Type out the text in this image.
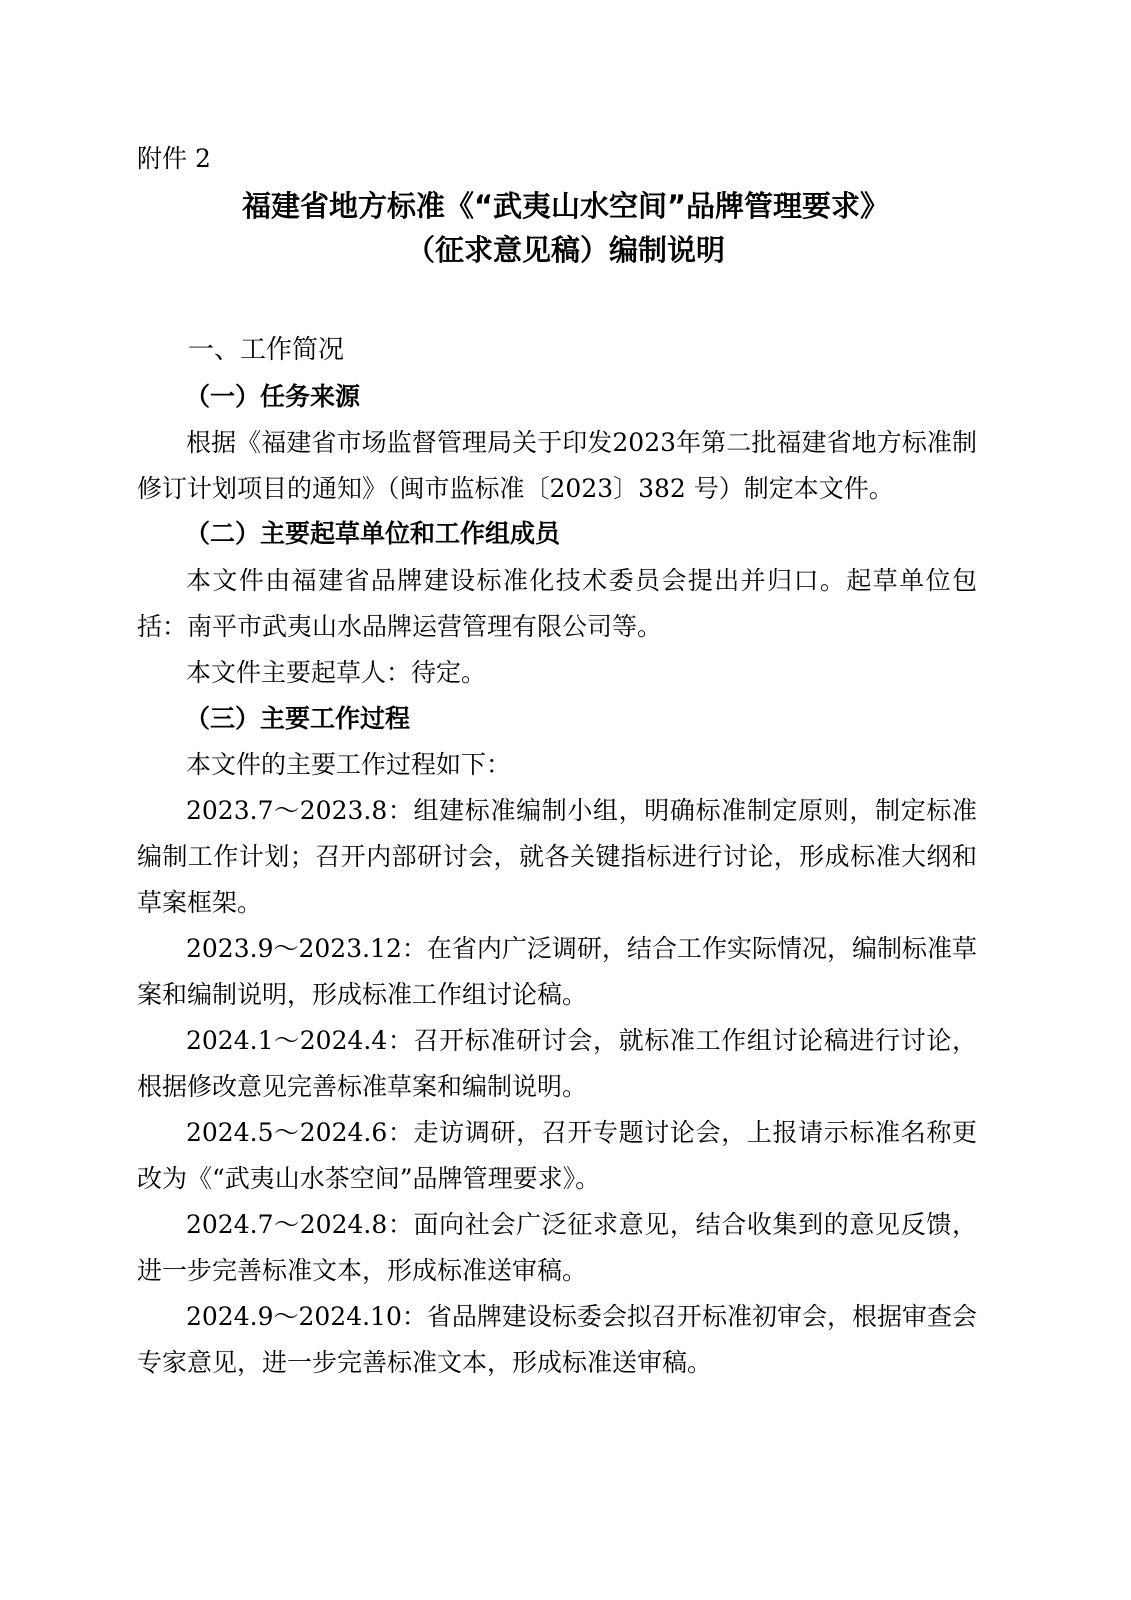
附件 2
福建省地方标准《“武夷山水空间”品牌管理要求》
（征求意见稿）编制说明
一、工作简况
（一）任务来源
根据《福建省市场监督管理局关于印发2023年第二批福建省地方标准制修订计划项目的通知》（闽市监标准〔2023〕382 号）制定本文件。
（二）主要起草单位和工作组成员
本文件由福建省品牌建设标准化技术委员会提出并归口。起草单位包括：南平市武夷山水品牌运营管理有限公司等。
本文件主要起草人：待定。
（三）主要工作过程
本文件的主要工作过程如下：
2023.7～2023.8：组建标准编制小组，明确标准制定原则，制定标准编制工作计划；召开内部研讨会，就各关键指标进行讨论，形成标准大纲和草案框架。
2023.9～2023.12：在省内广泛调研，结合工作实际情况，编制标准草案和编制说明，形成标准工作组讨论稿。
2024.1～2024.4：召开标准研讨会，就标准工作组讨论稿进行讨论，根据修改意见完善标准草案和编制说明。
2024.5～2024.6：走访调研，召开专题讨论会，上报请示标准名称更改为《“武夷山水茶空间”品牌管理要求》。
2024.7～2024.8：面向社会广泛征求意见，结合收集到的意见反馈，进一步完善标准文本，形成标准送审稿。
2024.9～2024.10：省品牌建设标委会拟召开标准初审会，根据审查会专家意见，进一步完善标准文本，形成标准送审稿。
